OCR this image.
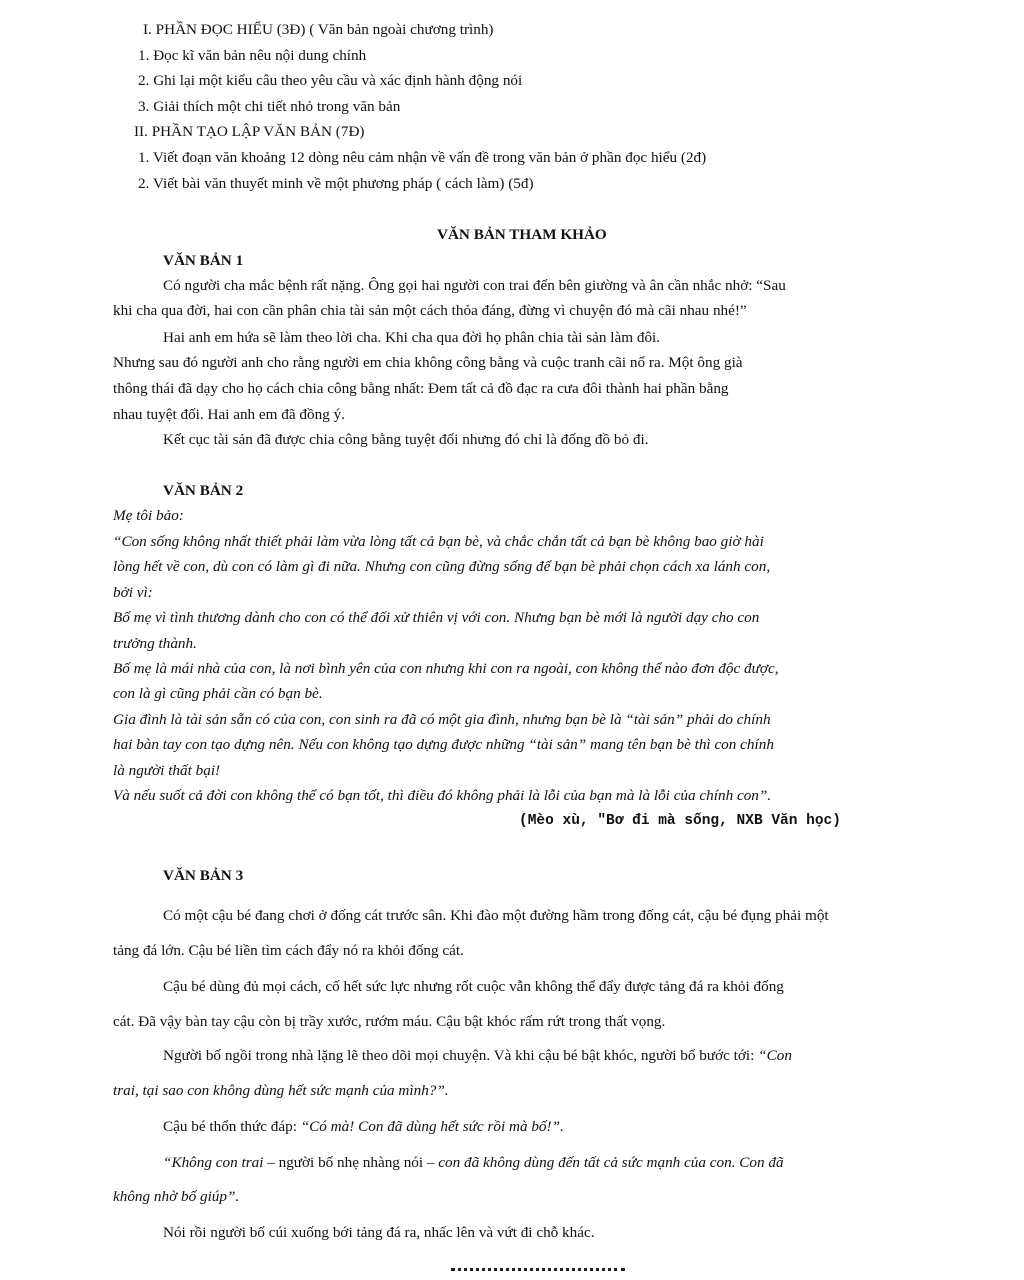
I. PHẦN ĐỌC HIỂU (3Đ) ( Văn bản ngoài chương trình)
1. Đọc kĩ văn bản nêu nội dung chính
2. Ghi lại một kiểu câu theo yêu cầu và xác định hành động nói
3. Giải thích một chi tiết nhỏ trong văn bản
II. PHẦN TẠO LẬP VĂN BẢN (7Đ)
1. Viết đoạn văn khoảng 12 dòng nêu cảm nhận về vấn đề trong văn bản ở phần đọc hiểu (2đ)
2. Viết bài văn thuyết minh về một phương pháp ( cách làm) (5đ)
VĂN BẢN THAM KHẢO
VĂN BẢN 1
Có người cha mắc bệnh rất nặng. Ông gọi hai người con trai đến bên giường và ân cần nhắc nhở: “Sau
khi cha qua đời, hai con cần phân chia tài sản một cách thỏa đáng, đừng vì chuyện đó mà cãi nhau nhé!”
Hai anh em hứa sẽ làm theo lời cha. Khi cha qua đời họ phân chia tài sản làm đôi.
Nhưng sau đó người anh cho rằng người em chia không công bằng và cuộc tranh cãi nổ ra. Một ông già
thông thái đã dạy cho họ cách chia công bằng nhất: Đem tất cả đồ đạc ra cưa đôi thành hai phần bằng
nhau tuyệt đối. Hai anh em đã đồng ý.
Kết cục tài sản đã được chia công bằng tuyệt đối nhưng đó chỉ là đống đồ bỏ đi.
VĂN BẢN 2
Mẹ tôi bảo:
“Con sống không nhất thiết phải làm vừa lòng tất cả bạn bè, và chắc chắn tất cả bạn bè không bao giờ hài
lòng hết về con, dù con có làm gì đi nữa. Nhưng con cũng đừng sống để bạn bè phải chọn cách xa lánh con,
bởi vì:
Bố mẹ vì tình thương dành cho con có thể đối xử thiên vị với con. Nhưng bạn bè mới là người dạy cho con
trưởng thành.
Bố mẹ là mái nhà của con, là nơi bình yên của con nhưng khi con ra ngoài, con không thể nào đơn độc được,
con là gì cũng phải cần có bạn bè.
Gia đình là tài sản sẵn có của con, con sinh ra đã có một gia đình, nhưng bạn bè là “tài sản” phải do chính
hai bàn tay con tạo dựng nên. Nếu con không tạo dựng được những “tài sản” mang tên bạn bè thì con chính
là người thất bại!
Và nếu suốt cả đời con không thể có bạn tốt, thì điều đó không phải là lỗi của bạn mà là lỗi của chính con”.
(Mèo xù, "Bơ đi mà sống, NXB Văn học)
VĂN BẢN 3
Có một cậu bé đang chơi ở đống cát trước sân. Khi đào một đường hầm trong đống cát, cậu bé đụng phải một
tảng đá lớn. Cậu bé liền tìm cách đẩy nó ra khỏi đống cát.
Cậu bé dùng đủ mọi cách, cố hết sức lực nhưng rốt cuộc vẫn không thể đẩy được tảng đá ra khỏi đống
cát. Đã vậy bàn tay cậu còn bị trầy xước, rướm máu. Cậu bật khóc rấm rứt trong thất vọng.
Người bố ngồi trong nhà lặng lẽ theo dõi mọi chuyện. Và khi cậu bé bật khóc, người bố bước tới: “Con
trai, tại sao con không dùng hết sức mạnh của mình?”.
Cậu bé thổn thức đáp: “Có mà! Con đã dùng hết sức rồi mà bố!”.
“Không con trai – người bố nhẹ nhàng nói – con đã không dùng đến tất cả sức mạnh của con. Con đã
không nhờ bố giúp”.
Nói rồi người bố cúi xuống bới tảng đá ra, nhấc lên và vứt đi chỗ khác.
